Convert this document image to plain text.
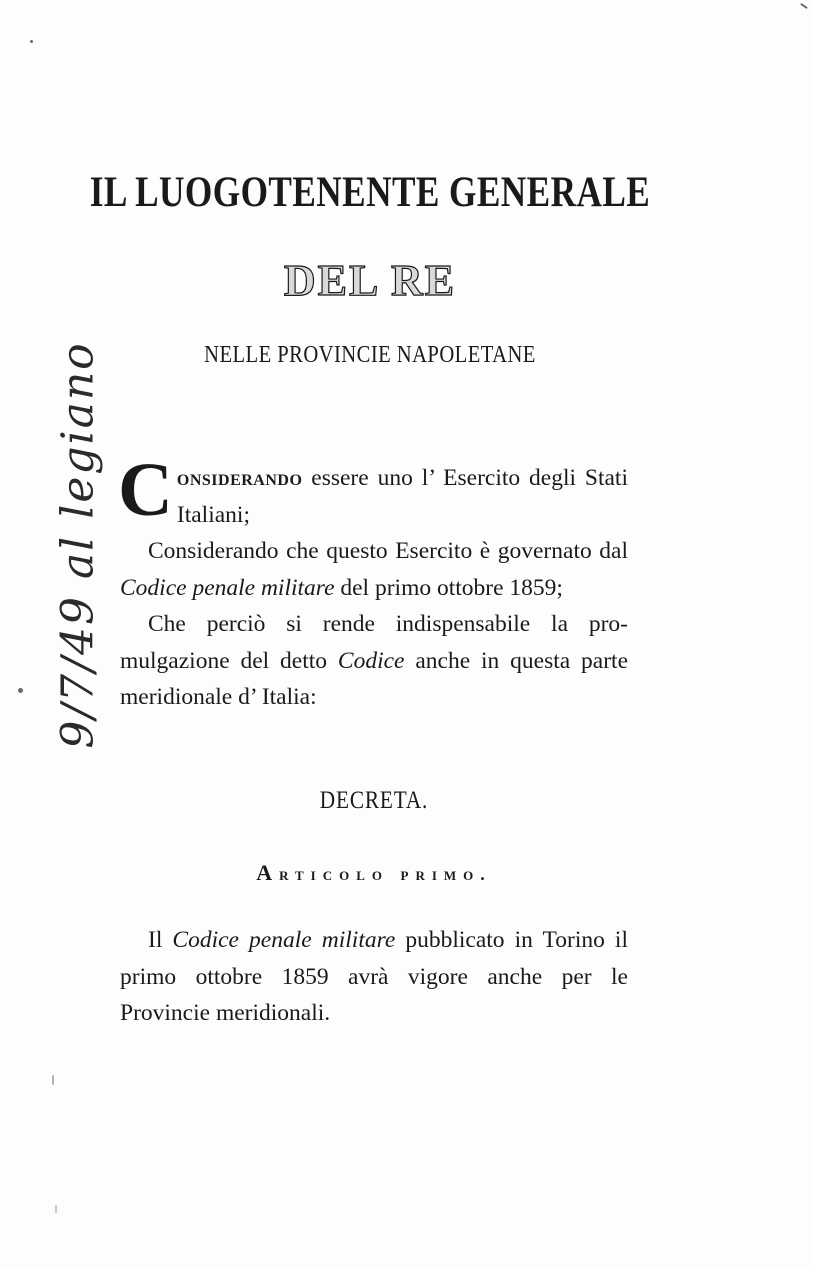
IL LUOGOTENENTE GENERALE
DEL RE
NELLE PROVINCIE NAPOLETANE

Considerando essere uno l’ Esercito degli Stati Italiani;

Considerando che questo Esercito è governato dal Codice penale militare del primo ottobre 1859;

Che perciò si rende indispensabile la promulgazione del detto Codice anche in questa parte meridionale d’ Italia:

DECRETA.
Articolo primo.

Il Codice penale militare pubblicato in Torino il primo ottobre 1859 avrà vigore anche per le Provincie meridionali.

9/7/49 al legiano
